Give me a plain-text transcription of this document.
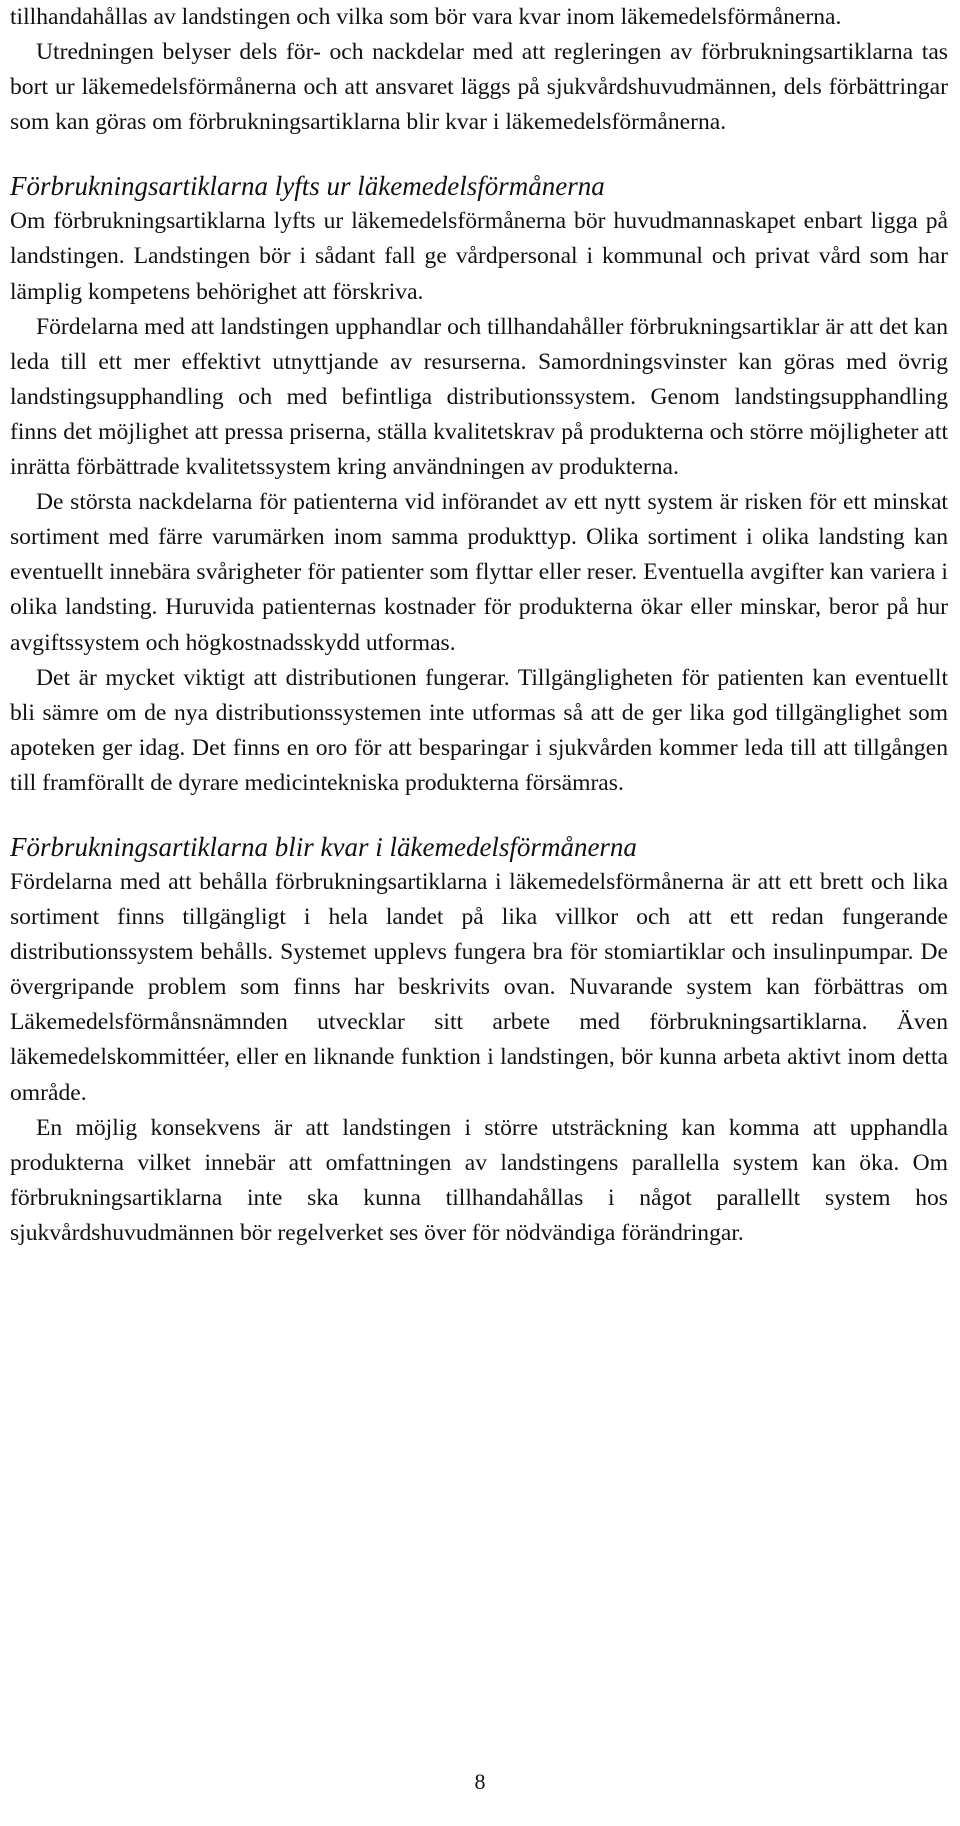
tillhandahållas av landstingen och vilka som bör vara kvar inom läkemedelsförmånerna.

Utredningen belyser dels för- och nackdelar med att regleringen av förbrukningsartiklarna tas bort ur läkemedelsförmånerna och att ansvaret läggs på sjukvårdshuvudmännen, dels förbättringar som kan göras om förbrukningsartiklarna blir kvar i läkemedelsförmånerna.

Förbrukningsartiklarna lyfts ur läkemedelsförmånerna

Om förbrukningsartiklarna lyfts ur läkemedelsförmånerna bör huvudmannaskapet enbart ligga på landstingen. Landstingen bör i sådant fall ge vårdpersonal i kommunal och privat vård som har lämplig kompetens behörighet att förskriva.

Fördelarna med att landstingen upphandlar och tillhandahåller förbrukningsartiklar är att det kan leda till ett mer effektivt utnyttjande av resurserna. Samordningsvinster kan göras med övrig landstingsupphandling och med befintliga distributionssystem. Genom landstingsupphandling finns det möjlighet att pressa priserna, ställa kvalitetskrav på produkterna och större möjligheter att inrätta förbättrade kvalitetssystem kring användningen av produkterna.

De största nackdelarna för patienterna vid införandet av ett nytt system är risken för ett minskat sortiment med färre varumärken inom samma produkttyp. Olika sortiment i olika landsting kan eventuellt innebära svårigheter för patienter som flyttar eller reser. Eventuella avgifter kan variera i olika landsting. Huruvida patienternas kostnader för produkterna ökar eller minskar, beror på hur avgiftssystem och högkostnadsskydd utformas.

Det är mycket viktigt att distributionen fungerar. Tillgängligheten för patienten kan eventuellt bli sämre om de nya distributionssystemen inte utformas så att de ger lika god tillgänglighet som apoteken ger idag. Det finns en oro för att besparingar i sjukvården kommer leda till att tillgången till framförallt de dyrare medicintekniska produkterna försämras.

Förbrukningsartiklarna blir kvar i läkemedelsförmånerna

Fördelarna med att behålla förbrukningsartiklarna i läkemedelsförmånerna är att ett brett och lika sortiment finns tillgängligt i hela landet på lika villkor och att ett redan fungerande distributionssystem behålls. Systemet upplevs fungera bra för stomiartiklar och insulinpumpar. De övergripande problem som finns har beskrivits ovan. Nuvarande system kan förbättras om Läkemedelsförmånsnämnden utvecklar sitt arbete med förbrukningsartiklarna. Även läkemedelskommittéer, eller en liknande funktion i landstingen, bör kunna arbeta aktivt inom detta område.

En möjlig konsekvens är att landstingen i större utsträckning kan komma att upphandla produkterna vilket innebär att omfattningen av landstingens parallella system kan öka. Om förbrukningsartiklarna inte ska kunna tillhandahållas i något parallellt system hos sjukvårdshuvudmännen bör regelverket ses över för nödvändiga förändringar.

8
